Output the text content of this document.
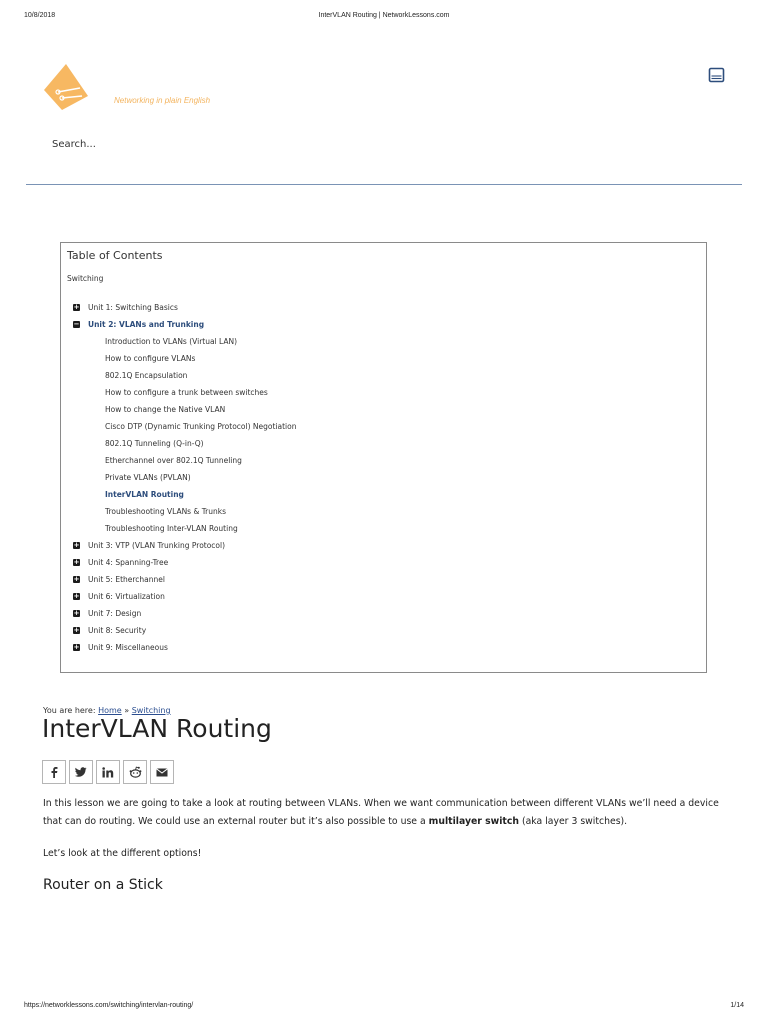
10/8/2018	InterVLAN Routing | NetworkLessons.com
Networking in plain English
Search...
Table of Contents
Switching
+ Unit 1: Switching Basics
− Unit 2: VLANs and Trunking
Introduction to VLANs (Virtual LAN)
How to configure VLANs
802.1Q Encapsulation
How to configure a trunk between switches
How to change the Native VLAN
Cisco DTP (Dynamic Trunking Protocol) Negotiation
802.1Q Tunneling (Q-in-Q)
Etherchannel over 802.1Q Tunneling
Private VLANs (PVLAN)
InterVLAN Routing
Troubleshooting VLANs & Trunks
Troubleshooting Inter-VLAN Routing
+ Unit 3: VTP (VLAN Trunking Protocol)
+ Unit 4: Spanning-Tree
+ Unit 5: Etherchannel
+ Unit 6: Virtualization
+ Unit 7: Design
+ Unit 8: Security
+ Unit 9: Miscellaneous
You are here: Home » Switching
InterVLAN Routing

In this lesson we are going to take a look at routing between VLANs. When we want communication between different VLANs we’ll need a device that can do routing. We could use an external router but it’s also possible to use a multilayer switch (aka layer 3 switches).

Let’s look at the different options!

Router on a Stick
https://networklessons.com/switching/intervlan-routing/	1/14
